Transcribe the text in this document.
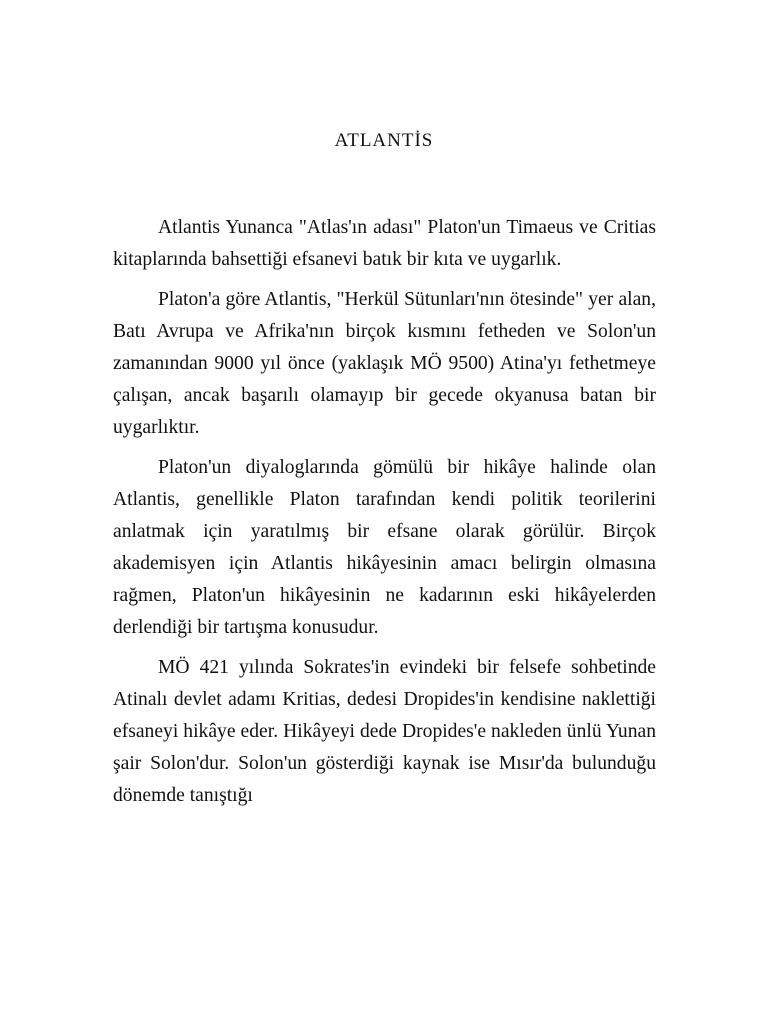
ATLANTİS

Atlantis Yunanca "Atlas'ın adası" Platon'un Timaeus ve Critias kitaplarında bahsettiği efsanevi batık bir kıta ve uygarlık.

Platon'a göre Atlantis, "Herkül Sütunları'nın ötesinde" yer alan, Batı Avrupa ve Afrika'nın birçok kısmını fetheden ve Solon'un zamanından 9000 yıl önce (yaklaşık MÖ 9500) Atina'yı fethetmeye çalışan, ancak başarılı olamayıp bir gecede okyanusa batan bir uygarlıktır.

Platon'un diyaloglarında gömülü bir hikâye halinde olan Atlantis, genellikle Platon tarafından kendi politik teorilerini anlatmak için yaratılmış bir efsane olarak görülür. Birçok akademisyen için Atlantis hikâyesinin amacı belirgin olmasına rağmen, Platon'un hikâyesinin ne kadarının eski hikâyelerden derlendiği bir tartışma konusudur.

MÖ 421 yılında Sokrates'in evindeki bir felsefe sohbetinde Atinalı devlet adamı Kritias, dedesi Dropides'in kendisine naklettiği efsaneyi hikâye eder. Hikâyeyi dede Dropides'e nakleden ünlü Yunan şair Solon'dur. Solon'un gösterdiği kaynak ise Mısır'da bulunduğu dönemde tanıştığı
